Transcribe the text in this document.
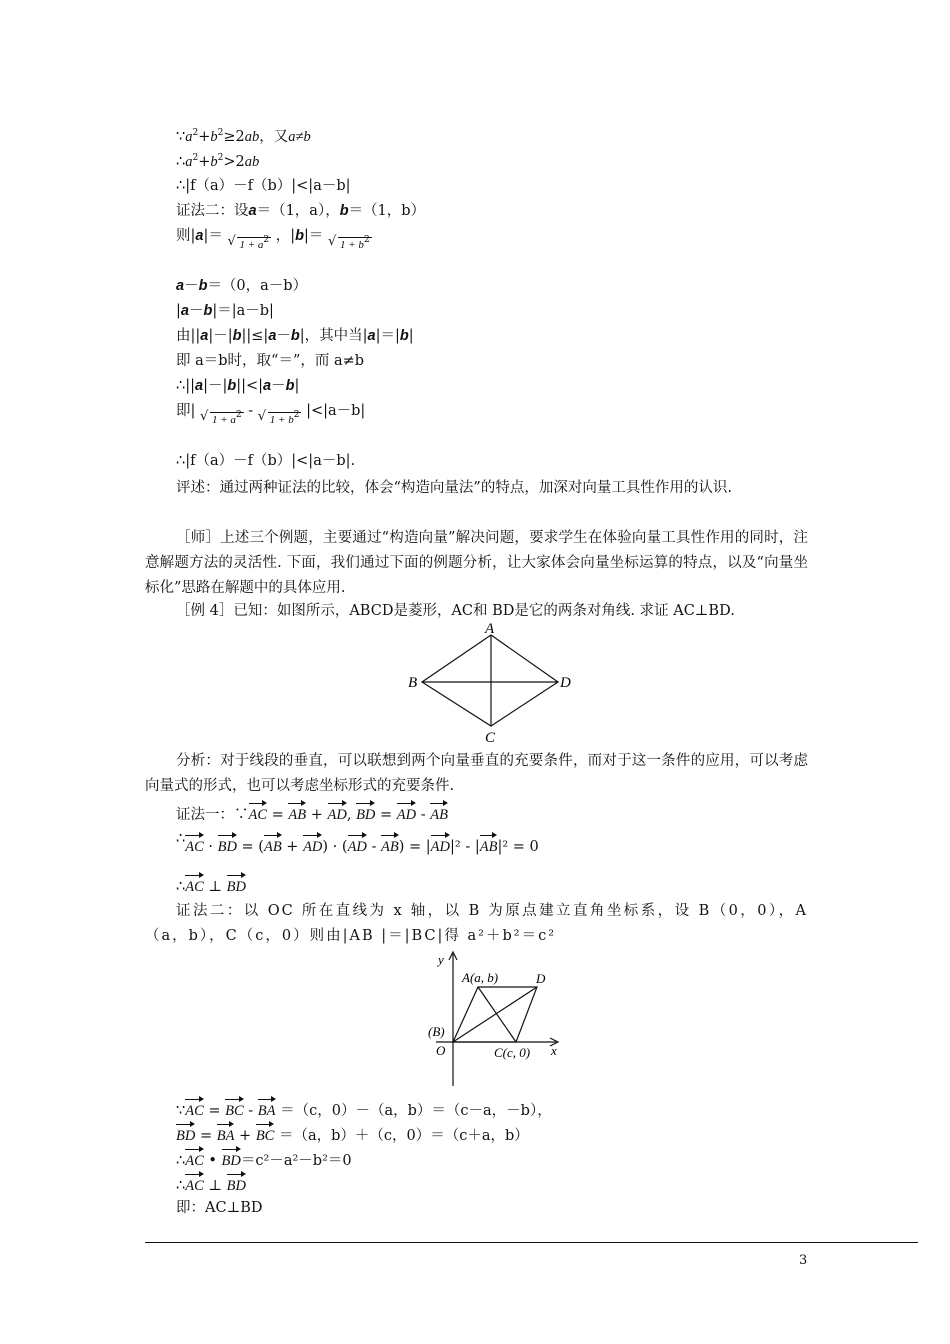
$\because a^2+b^2\ge 2ab$，又a≠b
$\therefore a^2+b^2>2ab$
∴|f（a）－f（b）|<|a－b|
证法二：设a＝（1，a），b＝（1，b）
则|a|＝ √ $1 + a^2$ ，|b|＝ √ $1 + b^2$
a－b＝（0，a－b）
|a－b|＝|a－b|
由||a|－|b||≤|a－b|，其中当|a|＝|b|
即 a＝b时，取“＝”，而 a≠b
∴||a|－|b||<|a－b|
即| √ $1 + a^2$ - √ $1 + b^2$ |<|a－b|
∴|f（a）－f（b）|<|a－b|.
评述：通过两种证法的比较，体会“构造向量法”的特点，加深对向量工具性作用的认识.
［师］上述三个例题，主要通过“构造向量”解决问题，要求学生在体验向量工具性作用的同时，注意解题方法的灵活性. 下面，我们通过下面的例题分析，让大家体会向量坐标运算的特点，以及“向量坐标化”思路在解题中的具体应用.
［例 4］已知：如图所示，ABCD是菱形，AC和 BD是它的两条对角线. 求证 AC⊥BD.
A
B	D
C
分析：对于线段的垂直，可以联想到两个向量垂直的充要条件，而对于这一条件的应用，可以考虑向量式的形式，也可以考虑坐标形式的充要条件.
证法一：∵AC = AB + AD, BD = AD - AB
∴AC · BD = (AB + AD) · (AD - AB) = |AD|² - |AB|² = 0
∴AC ⊥ BD
证法二：以 OC 所在直线为 x 轴，以 B 为原点建立直角坐标系，设 B（0，0），A（a，b），C（c，0）则由|AB |＝|BC|得 a²＋b²＝c²
y
A(a, b)	D
(B)
O	C(c, 0) x
∵AC = BC - BA ＝（c，0）－（a，b）＝（c－a，－b），
BD = BA + BC ＝（a，b）＋（c，0）＝（c＋a，b）
∴AC • BD＝c²－a²－b²＝0
∴AC ⊥ BD
即：AC⊥BD
3
